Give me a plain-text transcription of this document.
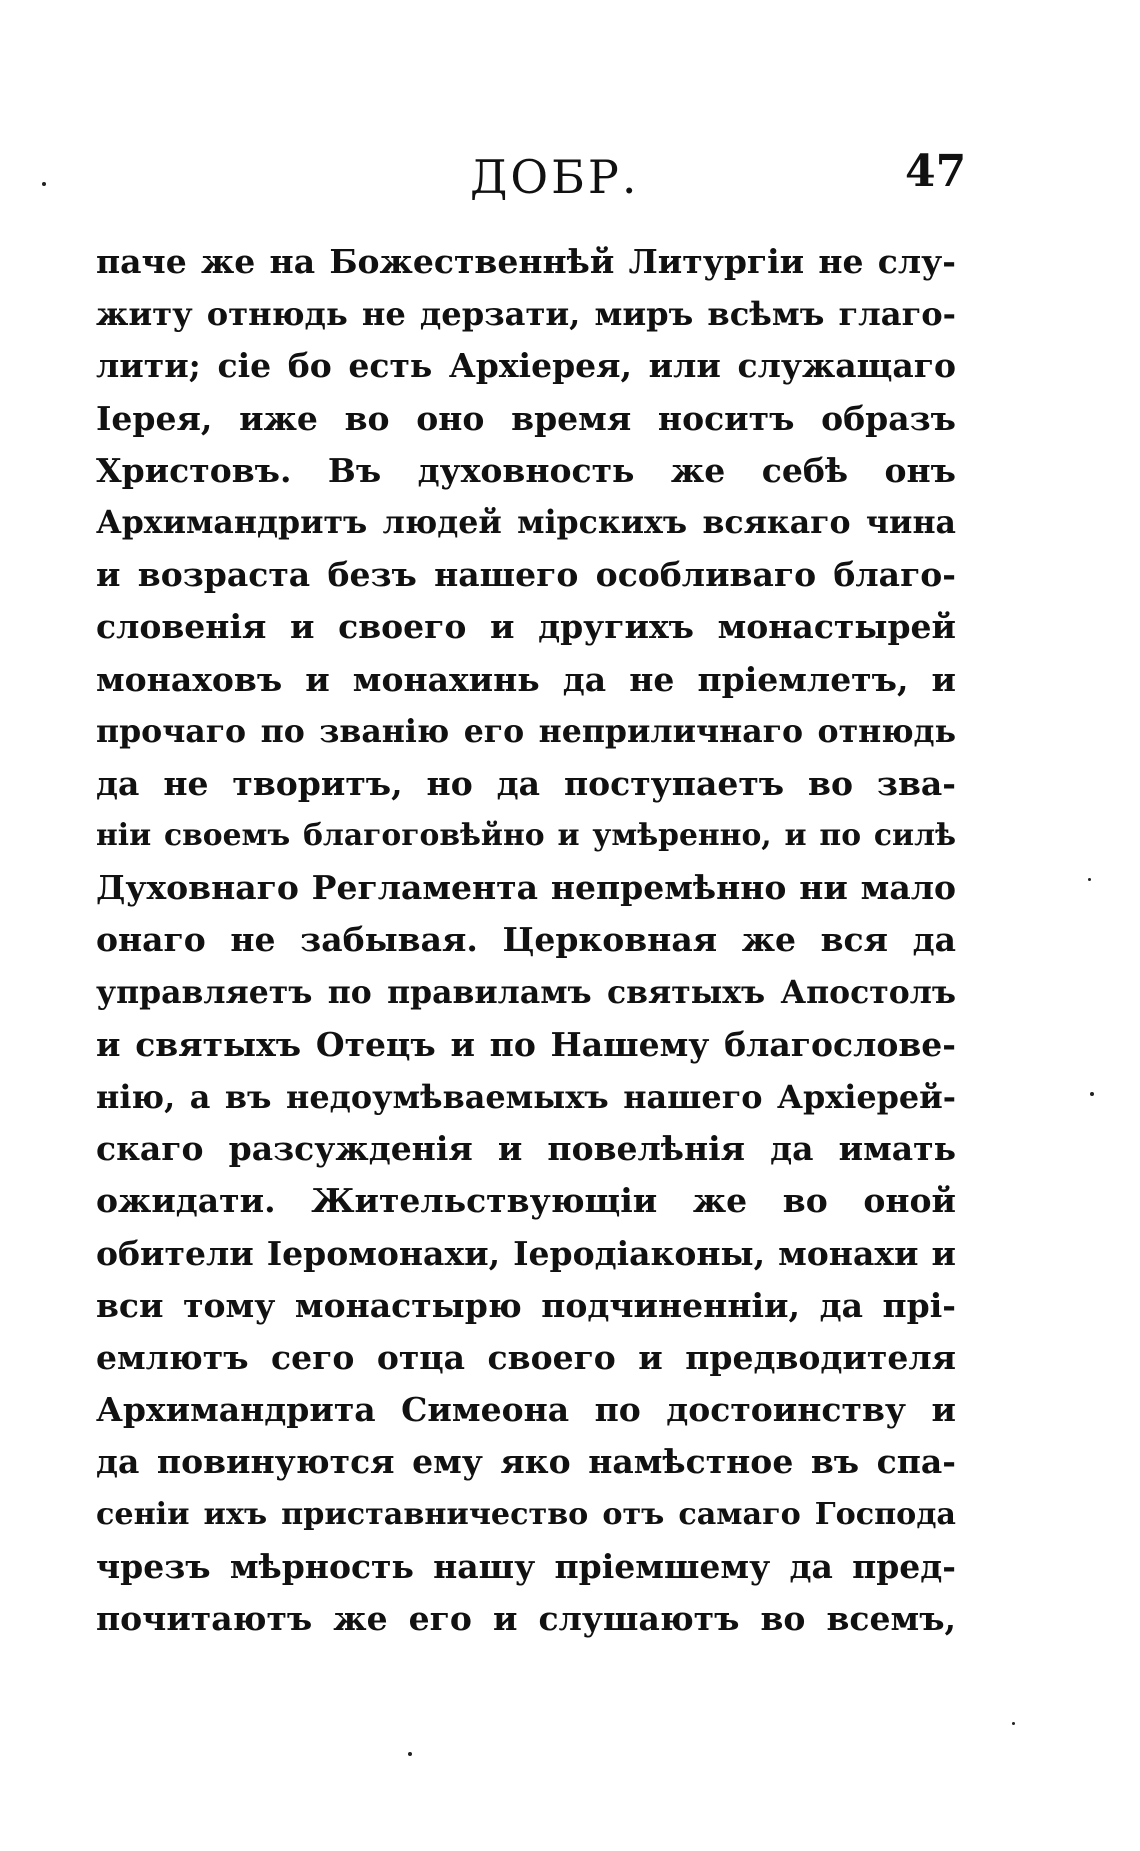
ДОБР.	47
паче же на Божественнѣй Литургіи не слу-
житу отнюдь не дерзати, миръ всѣмъ глаго-
лити; сіе бо есть Архіерея, или служащаго
Іерея, иже во оно время носитъ образъ
Христовъ. Въ духовность же себѣ онъ
Архимандритъ людей мірскихъ всякаго чина
и возраста безъ нашего особливаго благо-
словенія и своего и другихъ монастырей
монаховъ и монахинь да не пріемлетъ, и
прочаго по званію его неприличнаго отнюдь
да не творитъ, но да поступаетъ во зва-
ніи своемъ благоговѣйно и умѣренно, и по силѣ
Духовнаго Регламента непремѣнно ни мало
онаго не забывая. Церковная же вся да
управляетъ по правиламъ святыхъ Апостолъ
и святыхъ Отецъ и по Нашему благослове-
нію, а въ недоумѣваемыхъ нашего Архіерей-
скаго разсужденія и повелѣнія да имать
ожидати. Жительствующіи же во оной
обители Іеромонахи, Іеродіаконы, монахи и
вси тому монастырю подчиненніи, да прі-
емлютъ сего отца своего и предводителя
Архимандрита Симеона по достоинству и
да повинуются ему яко намѣстное въ спа-
сеніи ихъ приставничество отъ самаго Господа
чрезъ мѣрность нашу пріемшему да пред-
почитаютъ же его и слушаютъ во всемъ,
